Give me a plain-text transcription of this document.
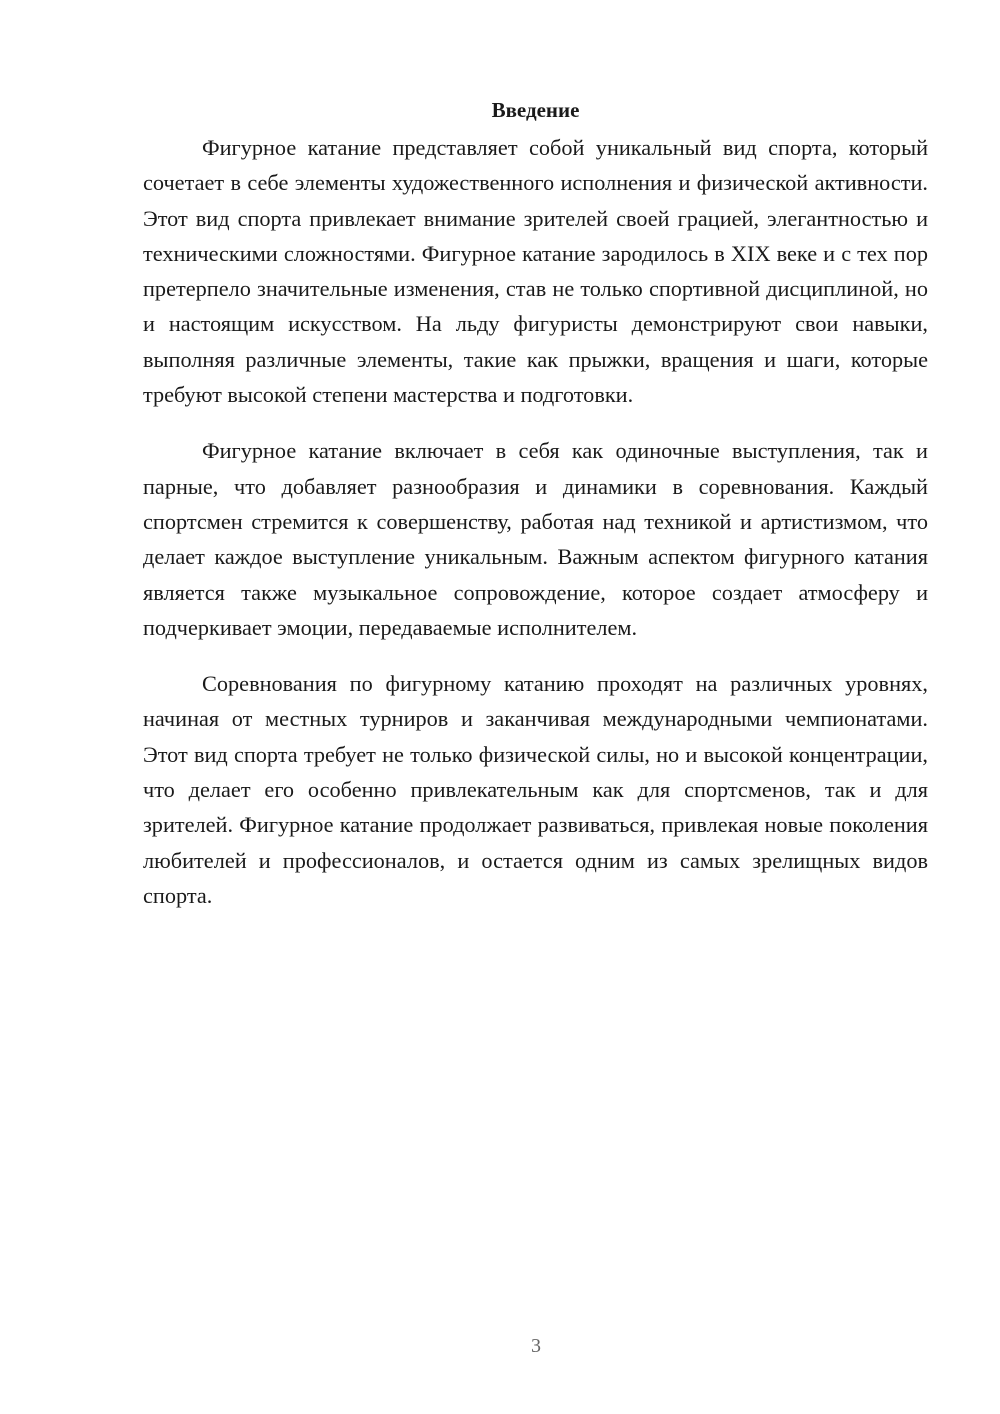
Введение

Фигурное катание представляет собой уникальный вид спорта, который сочетает в себе элементы художественного исполнения и физической активности. Этот вид спорта привлекает внимание зрителей своей грацией, элегантностью и техническими сложностями. Фигурное катание зародилось в XIX веке и с тех пор претерпело значительные изменения, став не только спортивной дисциплиной, но и настоящим искусством. На льду фигуристы демонстрируют свои навыки, выполняя различные элементы, такие как прыжки, вращения и шаги, которые требуют высокой степени мастерства и подготовки.

Фигурное катание включает в себя как одиночные выступления, так и парные, что добавляет разнообразия и динамики в соревнования. Каждый спортсмен стремится к совершенству, работая над техникой и артистизмом, что делает каждое выступление уникальным. Важным аспектом фигурного катания является также музыкальное сопровождение, которое создает атмосферу и подчеркивает эмоции, передаваемые исполнителем.

Соревнования по фигурному катанию проходят на различных уровнях, начиная от местных турниров и заканчивая международными чемпионатами. Этот вид спорта требует не только физической силы, но и высокой концентрации, что делает его особенно привлекательным как для спортсменов, так и для зрителей. Фигурное катание продолжает развиваться, привлекая новые поколения любителей и профессионалов, и остается одним из самых зрелищных видов спорта.

3
